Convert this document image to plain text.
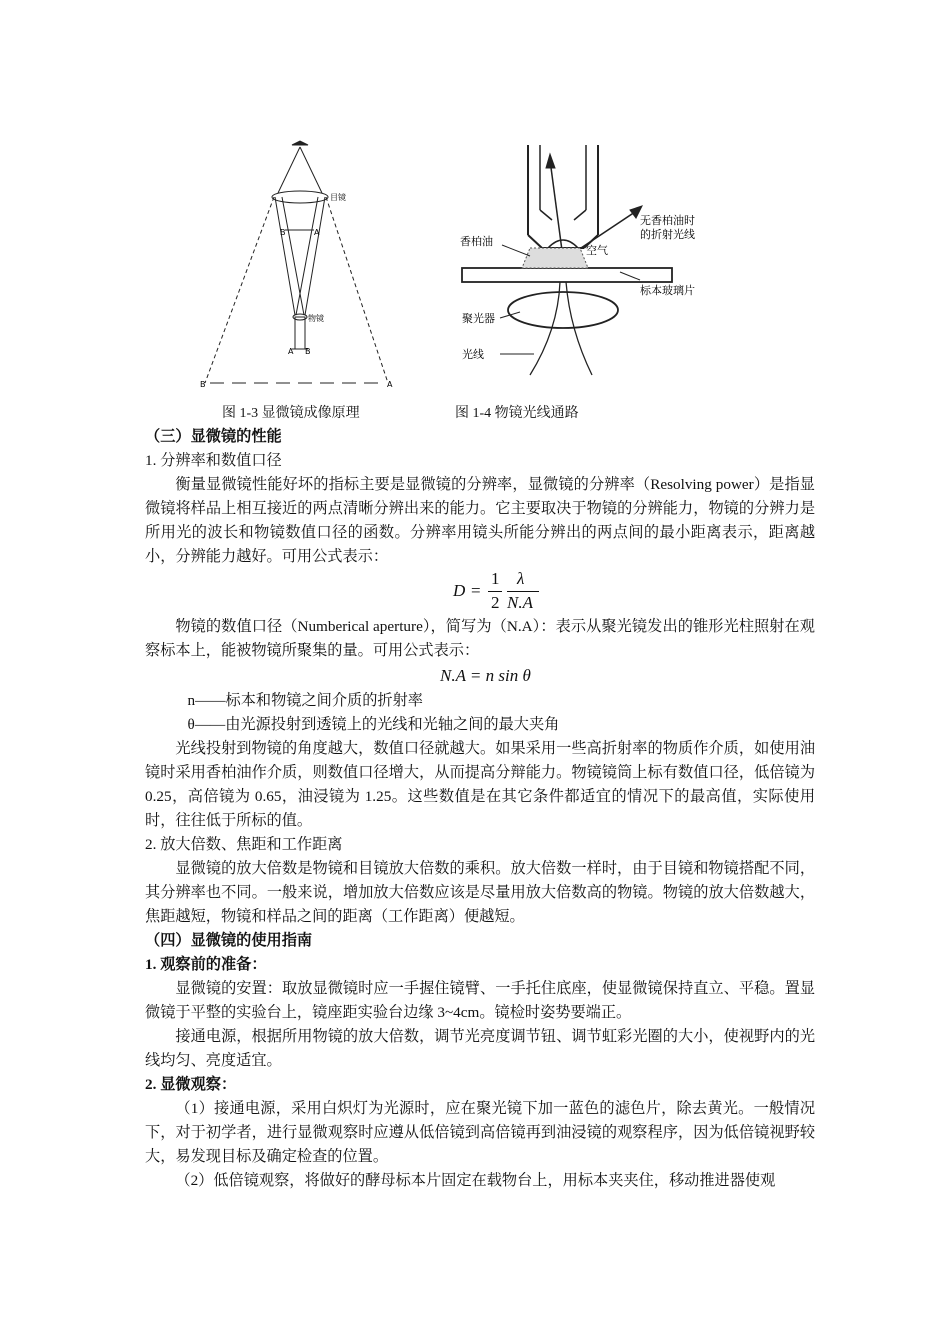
目镜
物镜
B	A
A B
B	A
香柏油
空气
无香柏油时
的折射光线
标本玻璃片
聚光器
光线
图 1-3 显微镜成像原理	图 1-4 物镜光线通路
（三）显微镜的性能
1. 分辨率和数值口径

衡量显微镜性能好坏的指标主要是显微镜的分辨率，显微镜的分辨率（Resolving power）是指显微镜将样品上相互接近的两点清晰分辨出来的能力。它主要取决于物镜的分辨能力，物镜的分辨力是所用光的波长和物镜数值口径的函数。分辨率用镜头所能分辨出的两点间的最小距离表示，距离越小，分辨能力越好。可用公式表示：

D =
1
2
λ
N.A

物镜的数值口径（Numberical aperture），简写为（N.A）：表示从聚光镜发出的锥形光柱照射在观察标本上，能被物镜所聚集的量。可用公式表示：

N.A = n sin θ
n——标本和物镜之间介质的折射率
θ——由光源投射到透镜上的光线和光轴之间的最大夹角

光线投射到物镜的角度越大，数值口径就越大。如果采用一些高折射率的物质作介质，如使用油镜时采用香柏油作介质，则数值口径增大，从而提高分辩能力。物镜镜筒上标有数值口径，低倍镜为 0.25，高倍镜为 0.65，油浸镜为 1.25。这些数值是在其它条件都适宜的情况下的最高值，实际使用时，往往低于所标的值。

2. 放大倍数、焦距和工作距离

显微镜的放大倍数是物镜和目镜放大倍数的乘积。放大倍数一样时，由于目镜和物镜搭配不同，其分辨率也不同。一般来说，增加放大倍数应该是尽量用放大倍数高的物镜。物镜的放大倍数越大，焦距越短，物镜和样品之间的距离（工作距离）便越短。

（四）显微镜的使用指南
1. 观察前的准备：

显微镜的安置：取放显微镜时应一手握住镜臂、一手托住底座，使显微镜保持直立、平稳。置显微镜于平整的实验台上，镜座距实验台边缘 3~4cm。镜检时姿势要端正。

接通电源，根据所用物镜的放大倍数，调节光亮度调节钮、调节虹彩光圈的大小，使视野内的光线均匀、亮度适宜。

2. 显微观察：

（1）接通电源，采用白炽灯为光源时，应在聚光镜下加一蓝色的滤色片，除去黄光。一般情况下，对于初学者，进行显微观察时应遵从低倍镜到高倍镜再到油浸镜的观察程序，因为低倍镜视野较大，易发现目标及确定检查的位置。

（2）低倍镜观察，将做好的酵母标本片固定在载物台上，用标本夹夹住，移动推进器使观
